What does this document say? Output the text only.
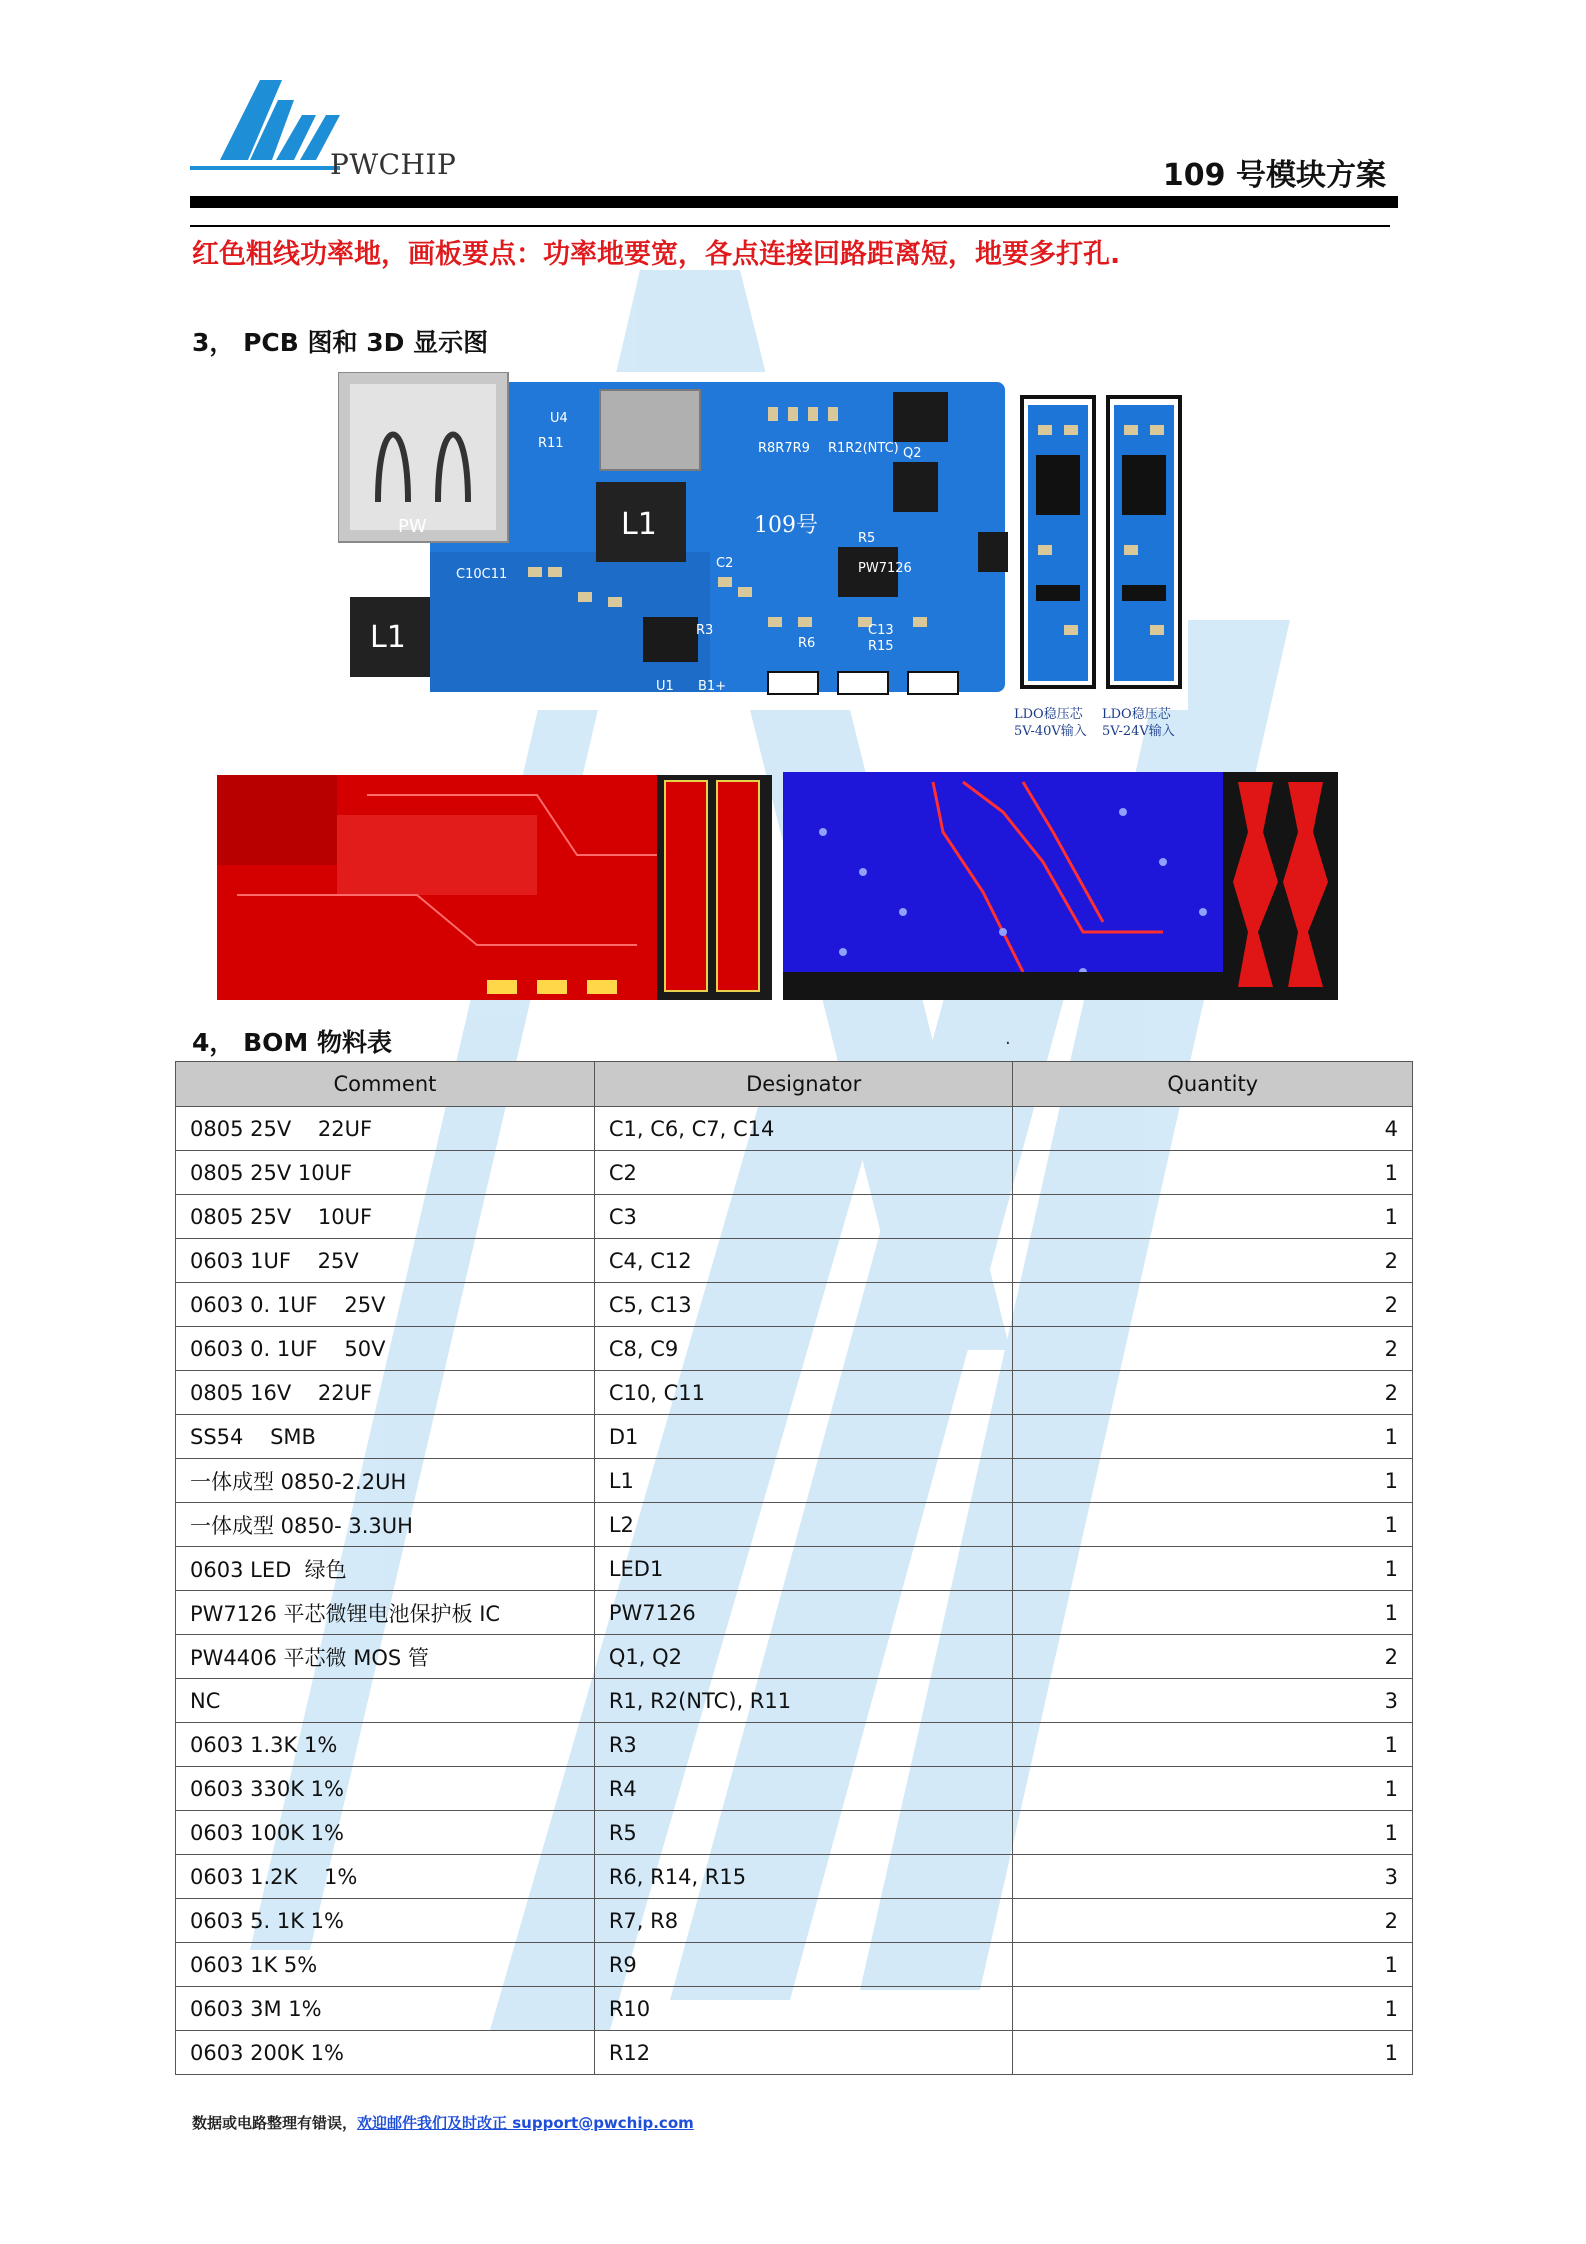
PWCHIP	109 号模块方案
红色粗线功率地，画板要点：功率地要宽，各点连接回路距离短，地要多打孔.
3， PCB 图和 3D 显示图
PW	L1
L1
R11
U4
C10C11
C2
R3
U1 B1+
R8R7R9 R1R2(NTC) Q2
R5
PW7126
R6
C13
R15
109号
LDO稳压芯
5V-40V输入
LDO稳压芯
5V-24V输入
4， BOM 物料表	.
Comment	Designator	Quantity
0805 25V    22UF	C1, C6, C7, C14	4
0805 25V 10UF	C2	1
0805 25V    10UF	C3	1
0603 1UF    25V	C4, C12	2
0603 0. 1UF    25V	C5, C13	2
0603 0. 1UF    50V	C8, C9	2
0805 16V    22UF	C10, C11	2
SS54    SMB	D1	1
一体成型 0850-2.2UH	L1	1
一体成型 0850- 3.3UH	L2	1
0603 LED  绿色	LED1	1
PW7126 平芯微锂电池保护板 IC	PW7126	1
PW4406 平芯微 MOS 管	Q1, Q2	2
NC	R1, R2(NTC), R11	3
0603 1.3K 1%	R3	1
0603 330K 1%	R4	1
0603 100K 1%	R5	1
0603 1.2K    1%	R6, R14, R15	3
0603 5. 1K 1%	R7, R8	2
0603 1K 5%	R9	1
0603 3M 1%	R10	1
0603 200K 1%	R12	1
数据或电路整理有错误，欢迎邮件我们及时改正 support@pwchip.com
